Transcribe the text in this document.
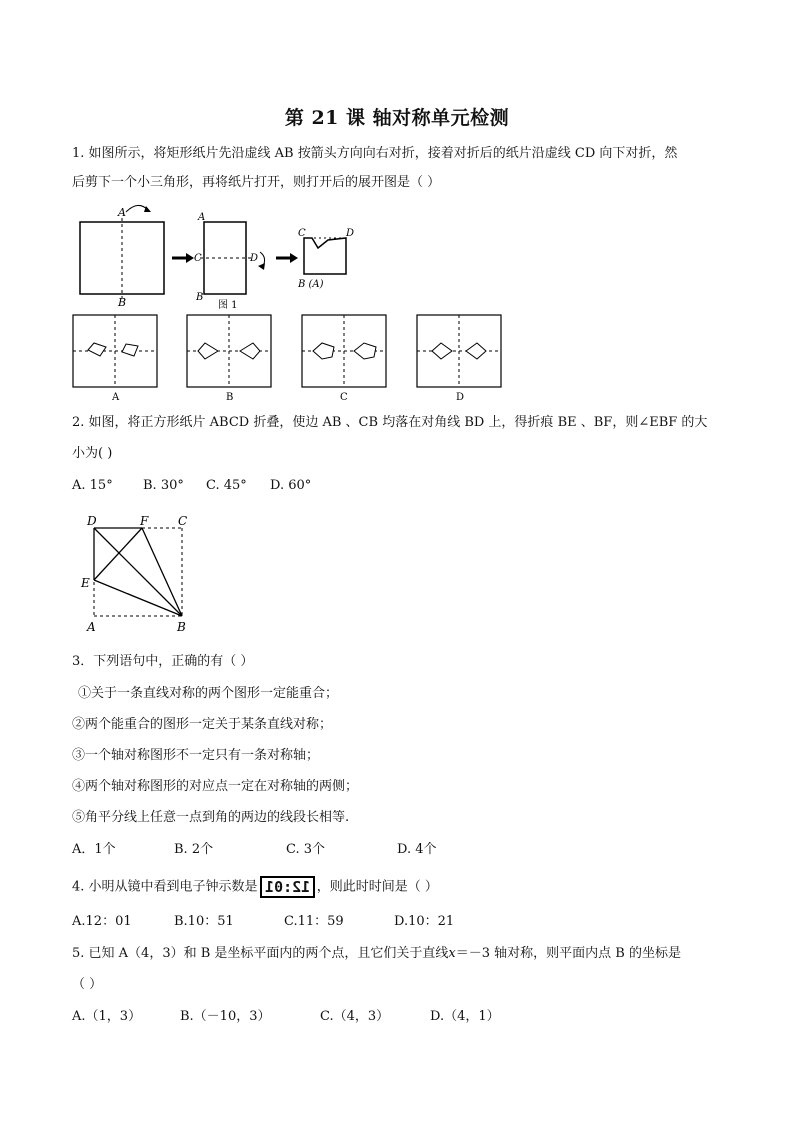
第 21 课 轴对称单元检测
1. 如图所示，将矩形纸片先沿虚线 AB 按箭头方向向右对折，接着对折后的纸片沿虚线 CD 向下对折，然
后剪下一个小三角形，再将纸片打开，则打开后的展开图是（ ）
A
B
A
C	D
B
图 1
C	D
B (A)
A	B	C	D
2. 如图，将正方形纸片 ABCD 折叠，使边 AB 、CB 均落在对角线 BD 上，得折痕 BE 、BF，则∠EBF 的大
小为( )
A. 15° B. 30° C. 45° D. 60°
D	F C
E
A	B
3．下列语句中，正确的有（ ）
①关于一条直线对称的两个图形一定能重合；
②两个能重合的图形一定关于某条直线对称；
③一个轴对称图形不一定只有一条对称轴；
④两个轴对称图形的对应点一定在对称轴的两侧；
⑤角平分线上任意一点到角的两边的线段长相等.
A．1个	B. 2个	C. 3个	D. 4个
4. 小明从镜中看到电子钟示数是 12:01 ，则此时时间是（ ）
A.12：01	B.10：51	C.11：59	D.10：21
5. 已知 A（4，3）和 B 是坐标平面内的两个点，且它们关于直线x＝－3 轴对称，则平面内点 B 的坐标是
（ ）
A.（1，3）	B.（－10，3）	C.（4，3）	D.（4，1）
